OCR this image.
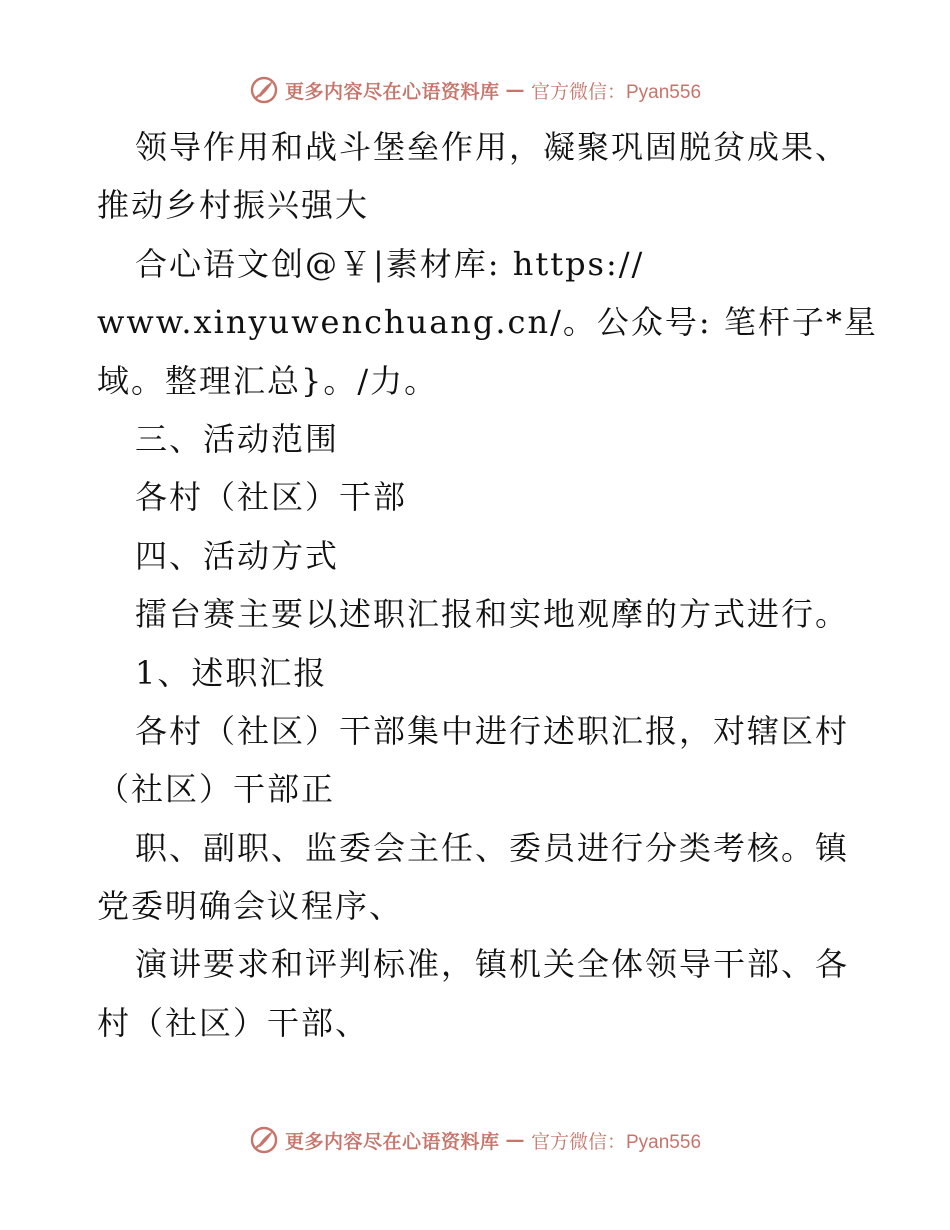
更多内容尽在心语资料库 — 官方微信：Pyan556
领导作用和战斗堡垒作用，凝聚巩固脱贫成果、
推动乡村振兴强大
合心语文创@￥|素材库: https://
www.xinyuwenchuang.cn/。公众号: 笔杆子*星
域。整理汇总}。/力。
三、活动范围
各村（社区）干部
四、活动方式
擂台赛主要以述职汇报和实地观摩的方式进行。
1、述职汇报
各村（社区）干部集中进行述职汇报，对辖区村
（社区）干部正
职、副职、监委会主任、委员进行分类考核。镇
党委明确会议程序、
演讲要求和评判标准，镇机关全体领导干部、各
村（社区）干部、
更多内容尽在心语资料库 — 官方微信：Pyan556
